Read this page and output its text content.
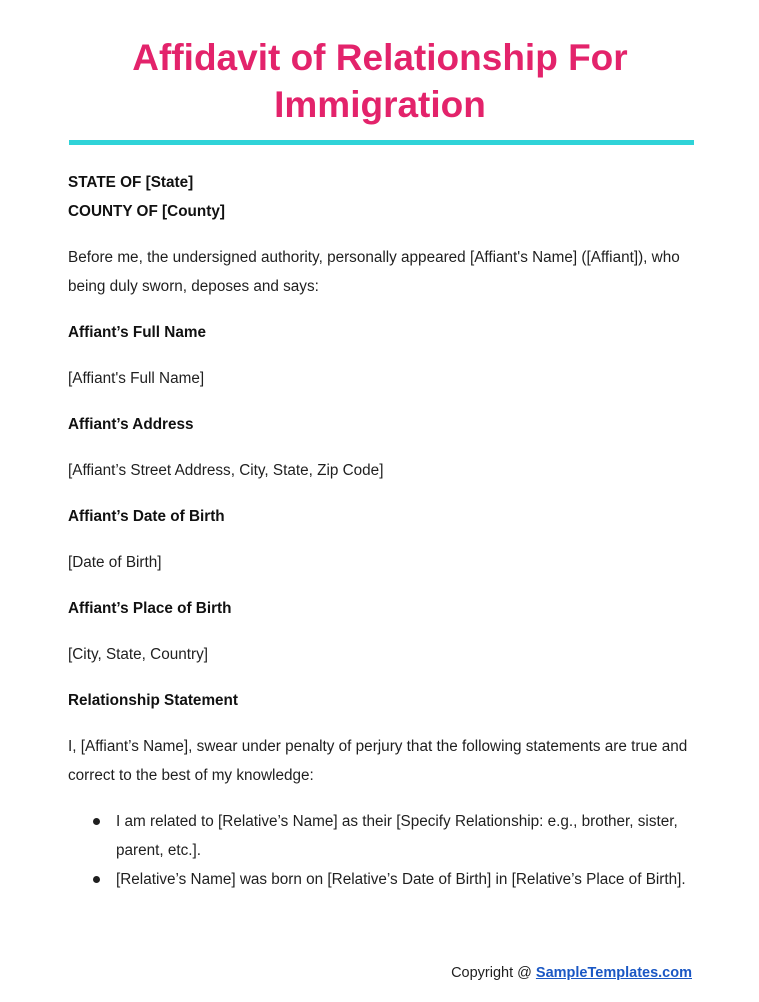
Affidavit of Relationship For Immigration

STATE OF [State]

COUNTY OF [County]

Before me, the undersigned authority, personally appeared [Affiant's Name] ([Affiant]), who being duly sworn, deposes and says:

Affiant’s Full Name

[Affiant's Full Name]

Affiant’s Address

[Affiant’s Street Address, City, State, Zip Code]

Affiant’s Date of Birth

[Date of Birth]

Affiant’s Place of Birth

[City, State, Country]

Relationship Statement

I, [Affiant’s Name], swear under penalty of perjury that the following statements are true and correct to the best of my knowledge:

I am related to [Relative’s Name] as their [Specify Relationship: e.g., brother, sister, parent, etc.].
[Relative’s Name] was born on [Relative’s Date of Birth] in [Relative’s Place of Birth].
Copyright @ SampleTemplates.com
